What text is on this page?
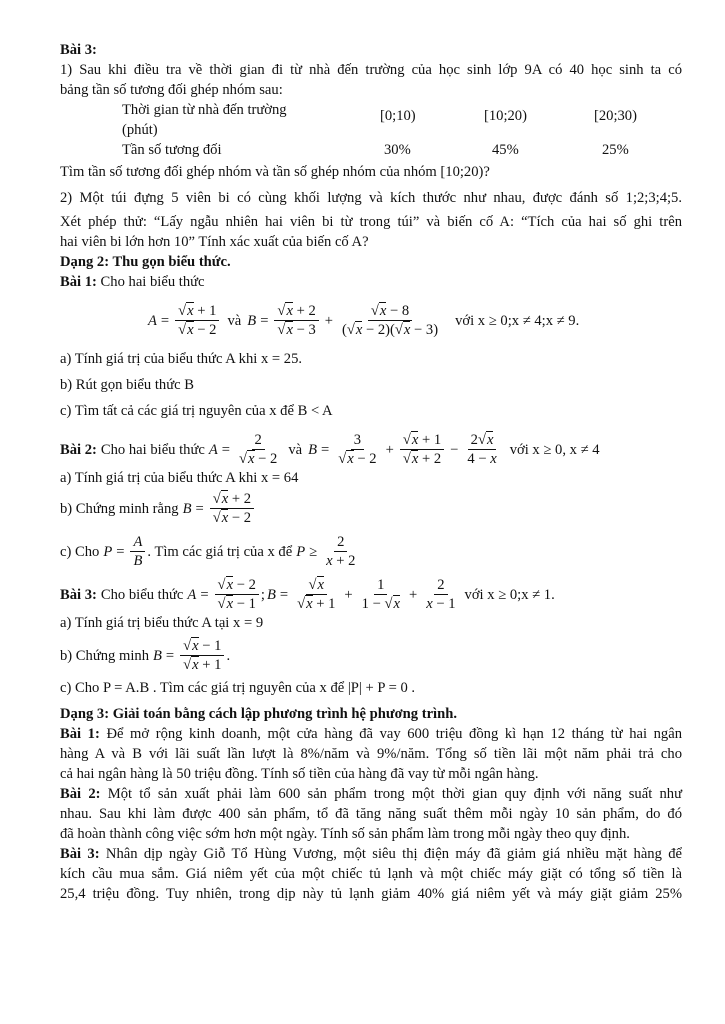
Bài 3:
1) Sau khi điều tra về thời gian đi từ nhà đến trường của học sinh lớp 9A có 40 học sinh ta có
bảng tần số tương đối ghép nhóm sau:
Thời gian từ nhà đến trường
(phút)
[0;10)	[10;20)	[20;30)
Tần số tương đối	30%	45%	25%
Tìm tần số tương đối ghép nhóm và tần số ghép nhóm của nhóm [10;20)?
2) Một túi đựng 5 viên bi có cùng khối lượng và kích thước như nhau, được đánh số 1;2;3;4;5.
Xét phép thử: “Lấy ngẫu nhiên hai viên bi từ trong túi” và biến cố A: “Tích của hai số ghi trên
hai viên bi lớn hơn 10” Tính xác xuất của biến cố A?
Dạng 2: Thu gọn biểu thức.
Bài 1: Cho hai biểu thức
$A = \frac{√x + 1}{√x - 2}$ và $B = \frac{√x + 2}{√x - 3} + \frac{√x - 8}{(√x - 2)(√x - 3)}$ với x ≥ 0;x ≠ 4;x ≠ 9.
a) Tính giá trị của biểu thức A khi x = 25.
b) Rút gọn biểu thức B
c) Tìm tất cả các giá trị nguyên của x để B < A
Bài 2: Cho hai biểu thức $A = \frac{2}{√x - 2}$ và $B = \frac{3}{√x - 2} + \frac{√x + 1}{√x + 2} - \frac{2√x}{4 - x}$ với x ≥ 0, x ≠ 4
a) Tính giá trị của biểu thức A khi x = 64
b) Chứng minh rằng $B = \frac{√x + 2}{√x - 2}$
c) Cho $P = \frac{A}{B}$ . Tìm các giá trị của x để $P \ge \frac{2}{x + 2}$
Bài 3: Cho biểu thức $A = \frac{√x - 2}{√x - 1}$ ; $B = \frac{√x}{√x + 1} + \frac{1}{1 - √x} + \frac{2}{x - 1}$ với x ≥ 0;x ≠ 1.
a) Tính giá trị biểu thức A tại x = 9
b) Chứng minh $B = \frac{√x - 1}{√x + 1}$ .
c) Cho P = A.B . Tìm các giá trị nguyên của x để |P| + P = 0 .
Dạng 3: Giải toán bằng cách lập phương trình hệ phương trình.
Bài 1: Để mở rộng kinh doanh, một cửa hàng đã vay 600 triệu đồng kì hạn 12 tháng từ hai ngân
hàng A và B với lãi suất lần lượt là 8%/năm và 9%/năm. Tổng số tiền lãi một năm phải trả cho
cả hai ngân hàng là 50 triệu đồng. Tính số tiền của hàng đã vay từ mỗi ngân hàng.
Bài 2: Một tổ sản xuất phải làm 600 sản phẩm trong một thời gian quy định với năng suất như
nhau. Sau khi làm được 400 sản phẩm, tổ đã tăng năng suất thêm mỗi ngày 10 sản phẩm, do đó
đã hoàn thành công việc sớm hơn một ngày. Tính số sản phẩm làm trong mỗi ngày theo quy định.
Bài 3: Nhân dịp ngày Giỗ Tổ Hùng Vương, một siêu thị điện máy đã giảm giá nhiều mặt hàng để
kích cầu mua sắm. Giá niêm yết của một chiếc tủ lạnh và một chiếc máy giặt có tổng số tiền là
25,4 triệu đồng. Tuy nhiên, trong dịp này tủ lạnh giảm 40% giá niêm yết và máy giặt giảm 25%
